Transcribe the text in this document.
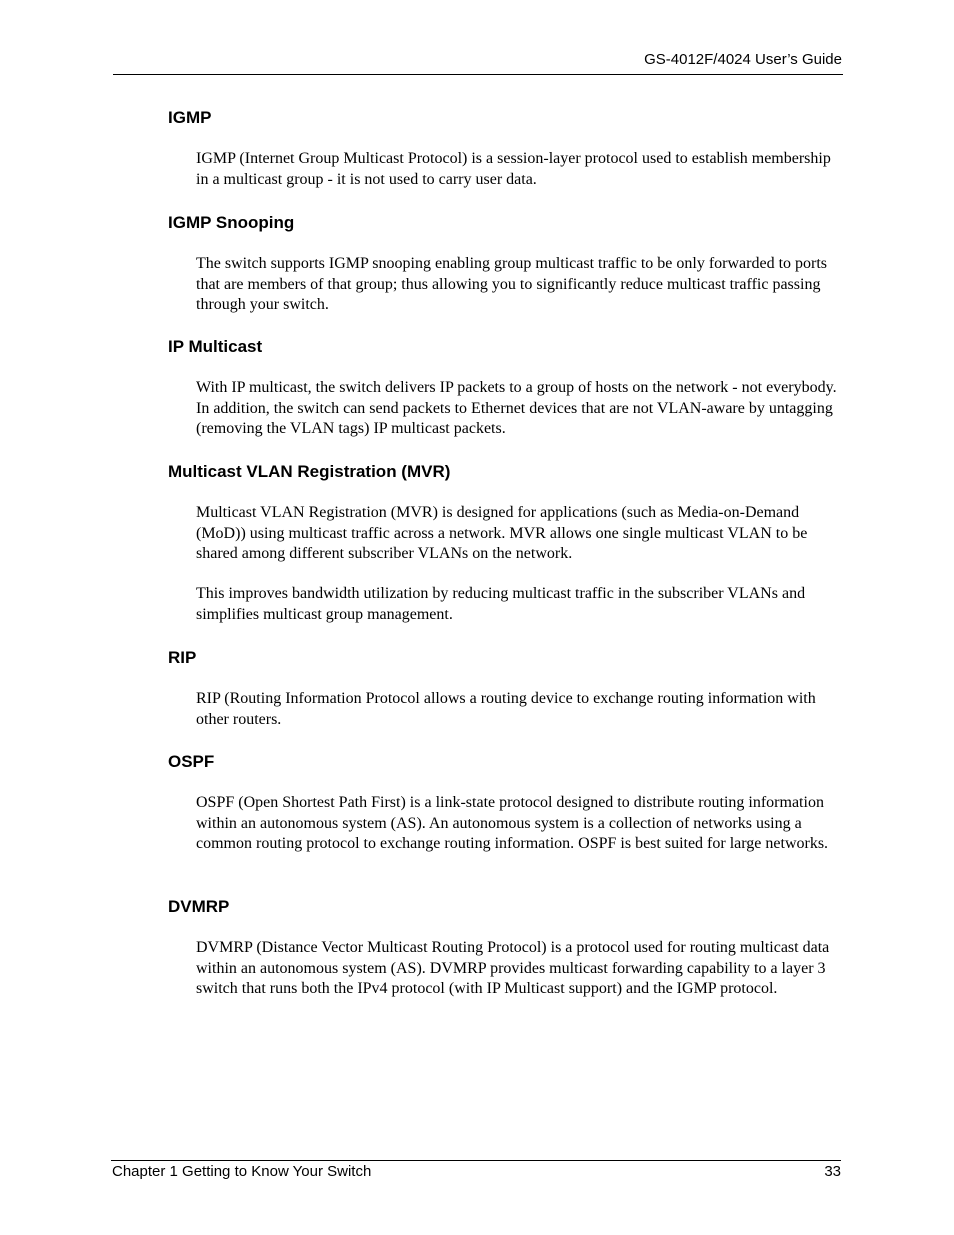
GS-4012F/4024 User’s Guide
IGMP

IGMP (Internet Group Multicast Protocol) is a session-layer protocol used to establish membership in a multicast group - it is not used to carry user data.

IGMP Snooping

The switch supports IGMP snooping enabling group multicast traffic to be only forwarded to ports that are members of that group; thus allowing you to significantly reduce multicast traffic passing through your switch.

IP Multicast

With IP multicast, the switch delivers IP packets to a group of hosts on the network - not everybody. In addition, the switch can send packets to Ethernet devices that are not VLAN-aware by untagging (removing the VLAN tags) IP multicast packets.

Multicast VLAN Registration (MVR)

Multicast VLAN Registration (MVR) is designed for applications (such as Media-on-Demand (MoD)) using multicast traffic across a network. MVR allows one single multicast VLAN to be shared among different subscriber VLANs on the network.

This improves bandwidth utilization by reducing multicast traffic in the subscriber VLANs and simplifies multicast group management.

RIP

RIP (Routing Information Protocol allows a routing device to exchange routing information with other routers.

OSPF

OSPF (Open Shortest Path First) is a link-state protocol designed to distribute routing information within an autonomous system (AS). An autonomous system is a collection of networks using a common routing protocol to exchange routing information. OSPF is best suited for large networks.

DVMRP

DVMRP (Distance Vector Multicast Routing Protocol) is a protocol used for routing multicast data within an autonomous system (AS). DVMRP provides multicast forwarding capability to a layer 3 switch that runs both the IPv4 protocol (with IP Multicast support) and the IGMP protocol.

Chapter 1 Getting to Know Your Switch	33
